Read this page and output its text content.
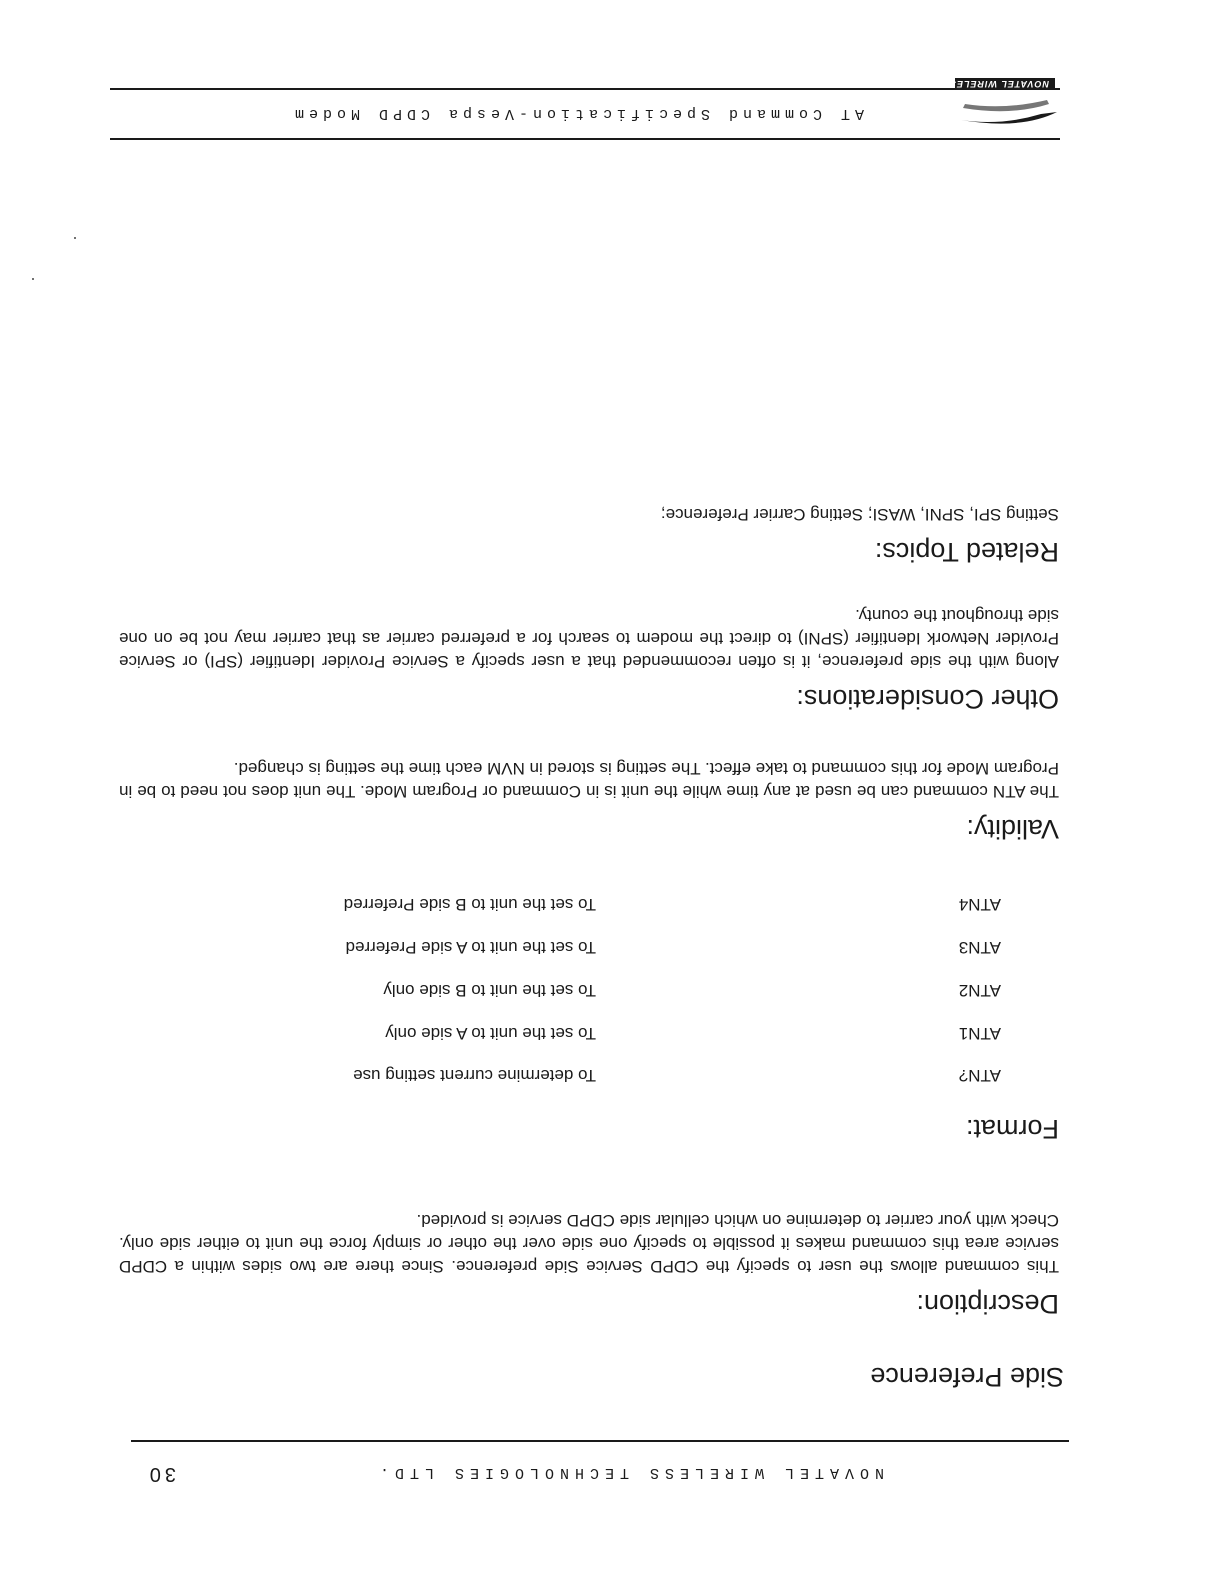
NOVATEL WIRELESS TECHNOLOGIES LTD.
30
Side Preference
Description:

This command allows the user to specify the CDPD Service Side preference. Since there are two sides within a CDPD service area this command makes it possible to specify one side over the other or simply force the unit to either side only. Check with your carrier to determine on which cellular side CDPD service is provided.

Format:
ATN?
To determine current setting use
ATN1
To set the unit to A side only
ATN2
To set the unit to B side only
ATN3
To set the unit to A side Preferred
ATN4
To set the unit to B side Preferred
Validity:

The ATN command can be used at any time while the unit is in Command or Program Mode. The unit does not need to be in Program Mode for this command to take effect. The setting is stored in NVM each time the setting is changed.

Other Considerations:

Along with the side preference, it is often recommended that a user specify a Service Provider Identifier (SPI) or Service Provider Network Identifier (SPNI) to direct the modem to search for a preferred carrier as that carrier may not be on one side throughout the county.

Related Topics:

Setting SPI, SPNI, WASI; Setting Carrier Preference;

AT Command Specification-Vespa CDPD Modem
NOVATEL WIRELESS
